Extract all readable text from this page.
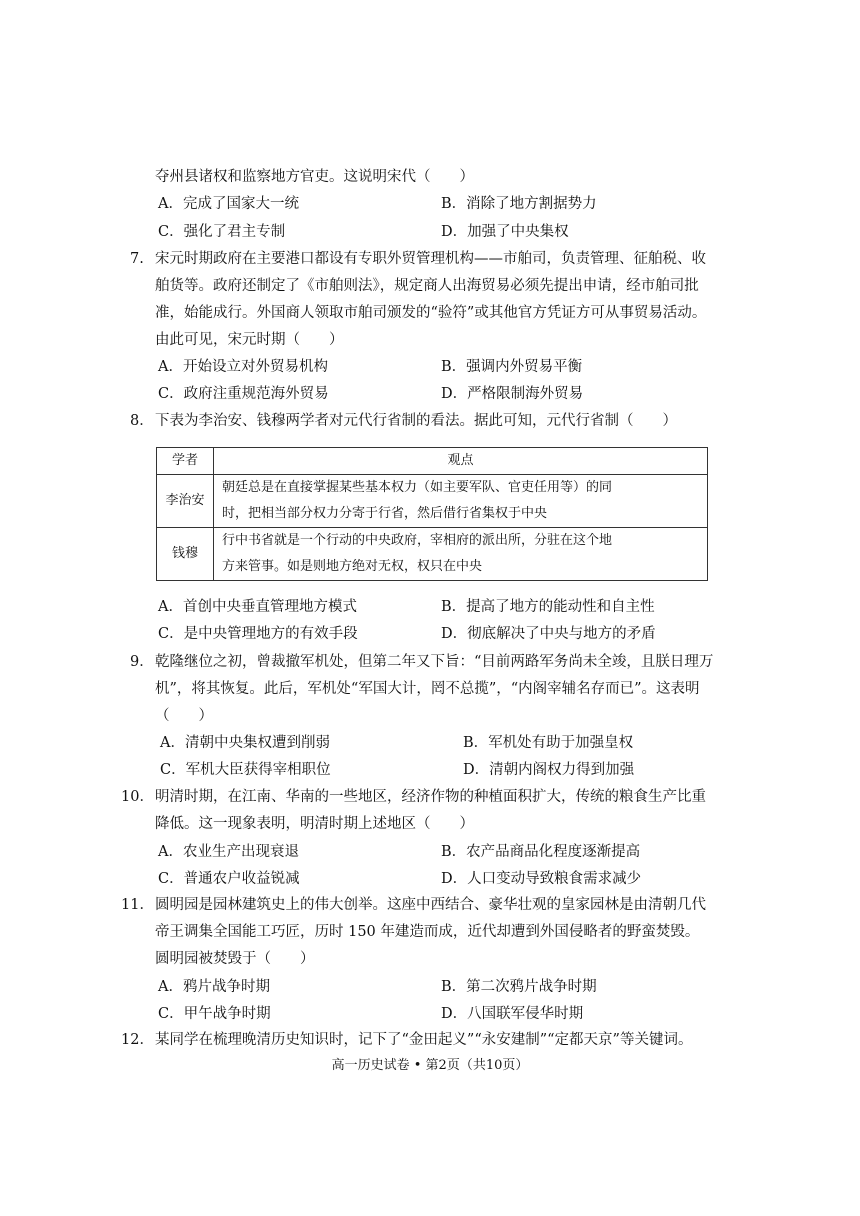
夺州县诸权和监察地方官吏。这说明宋代（　　）
A．完成了国家大一统	B．消除了地方割据势力
C．强化了君主专制	D．加强了中央集权
7. 宋元时期政府在主要港口都设有专职外贸管理机构——市舶司，负责管理、征舶税、收
舶货等。政府还制定了《市舶则法》，规定商人出海贸易必须先提出申请，经市舶司批
准，始能成行。外国商人领取市舶司颁发的“验符”或其他官方凭证方可从事贸易活动。
由此可见，宋元时期（　　）
A．开始设立对外贸易机构	B．强调内外贸易平衡
C．政府注重规范海外贸易	D．严格限制海外贸易
8． 下表为李治安、钱穆两学者对元代行省制的看法。据此可知，元代行省制（　　）
学者	观点
李治安	朝廷总是在直接掌握某些基本权力（如主要军队、官吏任用等）的同
时，把相当部分权力分寄于行省，然后借行省集权于中央

钱穆	行中书省就是一个行动的中央政府，宰相府的派出所，分驻在这个地
方来管事。如是则地方绝对无权，权只在中央
A．首创中央垂直管理地方模式	B．提高了地方的能动性和自主性
C．是中央管理地方的有效手段	D．彻底解决了中央与地方的矛盾
9． 乾隆继位之初，曾裁撤军机处，但第二年又下旨：“目前两路军务尚未全竣，且朕日理万
机”，将其恢复。此后，军机处“军国大计，罔不总揽”，“内阁宰辅名存而已”。这表明
（　　）
A．清朝中央集权遭到削弱	B．军机处有助于加强皇权
C．军机大臣获得宰相职位	D．清朝内阁权力得到加强
10． 明清时期，在江南、华南的一些地区，经济作物的种植面积扩大，传统的粮食生产比重
降低。这一现象表明，明清时期上述地区（　　）
A．农业生产出现衰退	B．农产品商品化程度逐渐提高
C．普通农户收益锐减	D．人口变动导致粮食需求减少
11． 圆明园是园林建筑史上的伟大创举。这座中西结合、豪华壮观的皇家园林是由清朝几代
帝王调集全国能工巧匠，历时 150 年建造而成，近代却遭到外国侵略者的野蛮焚毁。
圆明园被焚毁于（　　）
A．鸦片战争时期	B．第二次鸦片战争时期
C．甲午战争时期	D．八国联军侵华时期
12． 某同学在梳理晚清历史知识时，记下了“金田起义”“永安建制”“定都天京”等关键词。
高一历史试卷 • 第2页（共10页）
